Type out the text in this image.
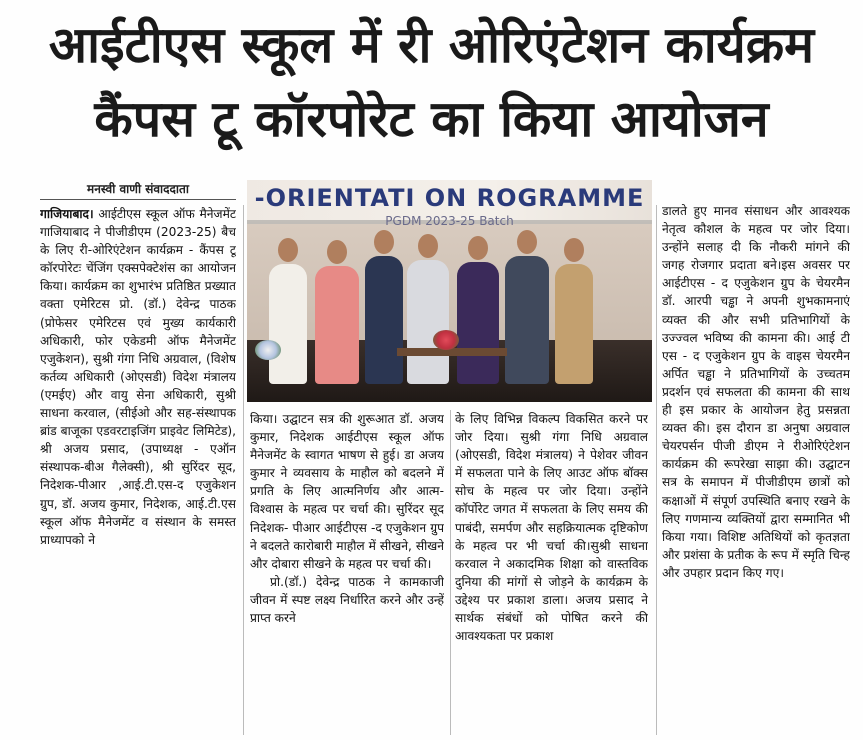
आईटीएस स्कूल में री ओरिएंटेशन कार्यक्रम
कैंपस टू कॉरपोरेट का किया आयोजन
मनस्वी वाणी संवाददाता
गाजियाबाद। आईटीएस स्कूल ऑफ मैनेजमेंट गाजियाबाद ने पीजीडीएम (2023-25) बैच के लिए री-ओरिएंटेशन कार्यक्रम - कैंपस टू कॉरपोरेटः चेंजिंग एक्सपेक्टेशंस का आयोजन किया। कार्यक्रम का शुभारंभ प्रतिष्ठित प्रख्यात वक्ता एमेरिटस प्रो. (डॉ.) देवेन्द्र पाठक (प्रोफेसर एमेरिटस एवं मुख्य कार्यकारी अधिकारी, फोर एकेडमी ऑफ मैनेजमेंट एजुकेशन), सुश्री गंगा निधि अग्रवाल, (विशेष कर्तव्य अधिकारी (ओएसडी) विदेश मंत्रालय (एमईए) और वायु सेना अधिकारी, सुश्री साधना करवाल, (सीईओ और सह-संस्थापक ब्रांड बाजूका एडवरटाइजिंग प्राइवेट लिमिटेड), श्री अजय प्रसाद, (उपाध्यक्ष - एऑन संस्थापक-बीअ गैलेक्सी), श्री सुरिंदर सूद, निदेशक-पीआर ,आई.टी.एस-द एजुकेशन ग्रुप, डॉ. अजय कुमार, निदेशक, आई.टी.एस स्कूल ऑफ मैनेजमेंट व संस्थान के समस्त प्राध्यापको ने
-ORIENTATI ON ROGRAMME
PGDM 2023-25 Batch
किया। उद्घाटन सत्र की शुरूआत डॉ. अजय कुमार, निदेशक आईटीएस स्कूल ऑफ मैनेजमेंट के स्वागत भाषण से हुई। डा अजय कुमार ने व्यवसाय के माहौल को बदलने में प्रगति के लिए आत्मनिर्णय और आत्म-विश्वास के महत्व पर चर्चा की। सुरिंदर सूद निदेशक- पीआर आईटीएस -द एजुकेशन ग्रुप ने बदलते कारोबारी माहौल में सीखने, सीखने और दोबारा सीखने के महत्व पर चर्चा की।
प्रो.(डॉ.) देवेन्द्र पाठक ने कामकाजी जीवन में स्पष्ट लक्ष्य निर्धारित करने और उन्हें प्राप्त करने
के लिए विभिन्न विकल्प विकसित करने पर जोर दिया। सुश्री गंगा निधि अग्रवाल (ओएसडी, विदेश मंत्रालय) ने पेशेवर जीवन में सफलता पाने के लिए आउट ऑफ बॉक्स सोच के महत्व पर जोर दिया। उन्होंने कॉर्पोरेट जगत में सफलता के लिए समय की पाबंदी, समर्पण और सहक्रियात्मक दृष्टिकोण के महत्व पर भी चर्चा की।सुश्री साधना करवाल ने अकादमिक शिक्षा को वास्तविक दुनिया की मांगों से जोड़ने के कार्यक्रम के उद्देश्य पर प्रकाश डाला। अजय प्रसाद ने सार्थक संबंधों को पोषित करने की आवश्यकता पर प्रकाश
डालते हुए मानव संसाधन और आवश्यक नेतृत्व कौशल के महत्व पर जोर दिया। उन्होंने सलाह दी कि नौकरी मांगने की जगह रोजगार प्रदाता बने।इस अवसर पर आईटीएस - द एजुकेशन ग्रुप के चेयरमैन डॉ. आरपी चड्ढा ने अपनी शुभकामनाएं व्यक्त की और सभी प्रतिभागियों के उज्ज्वल भविष्य की कामना की। आई टी एस - द एजुकेशन ग्रुप के वाइस चेयरमैन अर्पित चड्ढा ने प्रतिभागियों के उच्चतम प्रदर्शन एवं सफलता की कामना की साथ ही इस प्रकार के आयोजन हेतु प्रसन्नता व्यक्त की। इस दौरान डा अनुषा अग्रवाल चेयरपर्सन पीजी डीएम ने रीओरिएंटेशन कार्यक्रम की रूपरेखा साझा की। उद्घाटन सत्र के समापन में पीजीडीएम छात्रों को कक्षाओं में संपूर्ण उपस्थिति बनाए रखने के लिए गणमान्य व्यक्तियों द्वारा सम्मानित भी किया गया। विशिष्ट अतिथियों को कृतज्ञता और प्रशंसा के प्रतीक के रूप में स्मृति चिन्ह और उपहार प्रदान किए गए।
